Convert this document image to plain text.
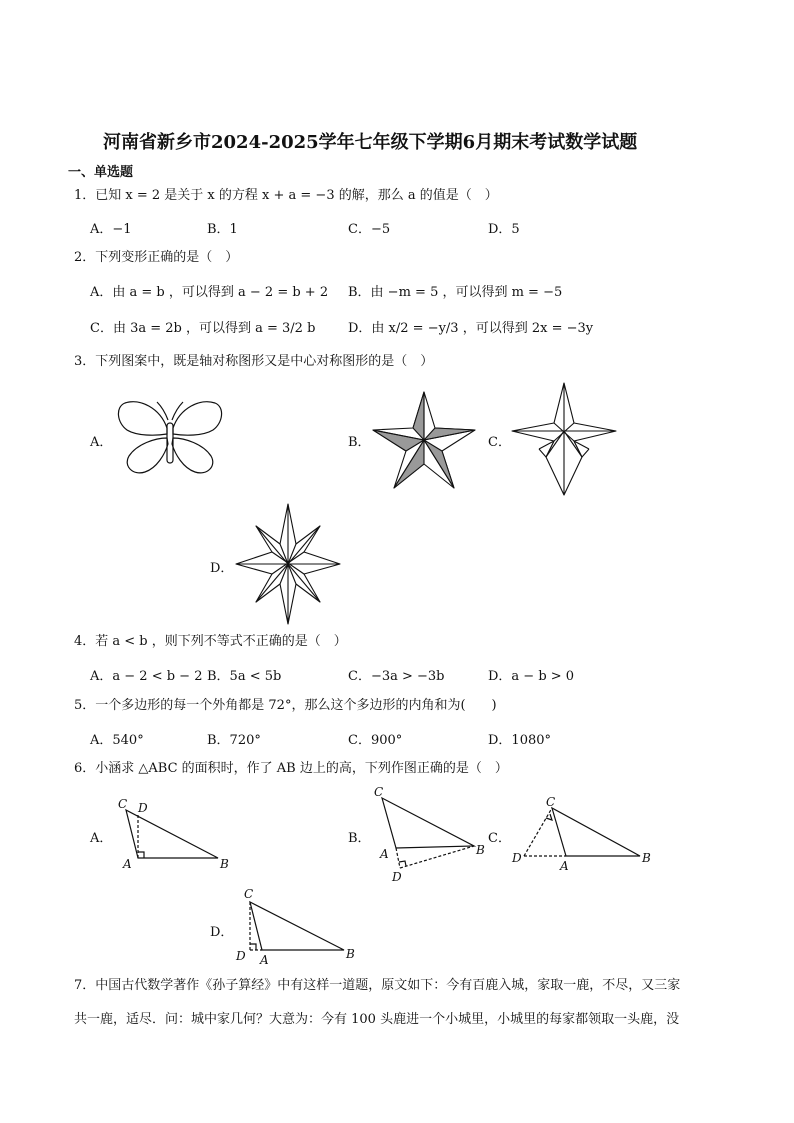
河南省新乡市2024-2025学年七年级下学期6月期末考试数学试题
一、单选题
1．已知 x = 2 是关于 x 的方程 x + a = −3 的解，那么 a 的值是（　）
A．−1	B．1	C．−5	D．5
2．下列变形正确的是（　）
A．由 a = b ，可以得到 a − 2 = b + 2 B．由 −m = 5 ，可以得到 m = −5
C．由 3a = 2b ，可以得到 a = 3/2 b	D．由 x/2 = −y/3 ，可以得到 2x = −3y
3．下列图案中，既是轴对称图形又是中心对称图形的是（　）
A．	B．	C．
D．
4．若 a < b ，则下列不等式不正确的是（　）
A．a − 2 < b − 2 B．5a < 5b	C．−3a > −3b	D．a − b > 0
5．一个多边形的每一个外角都是 72°，那么这个多边形的内角和为(　　)
A．540°	B．720°	C．900°	D．1080°
6．小涵求 △ABC 的面积时，作了 AB 边上的高，下列作图正确的是（　）
A．	B．	C．
D．
C D
A	B
C
A	B
D
C
D
A
B
C
D A	B
7．中国古代数学著作《孙子算经》中有这样一道题，原文如下：今有百鹿入城，家取一鹿，不尽，又三家
共一鹿，适尽．问：城中家几何？大意为：今有 100 头鹿进一个小城里，小城里的每家都领取一头鹿，没
